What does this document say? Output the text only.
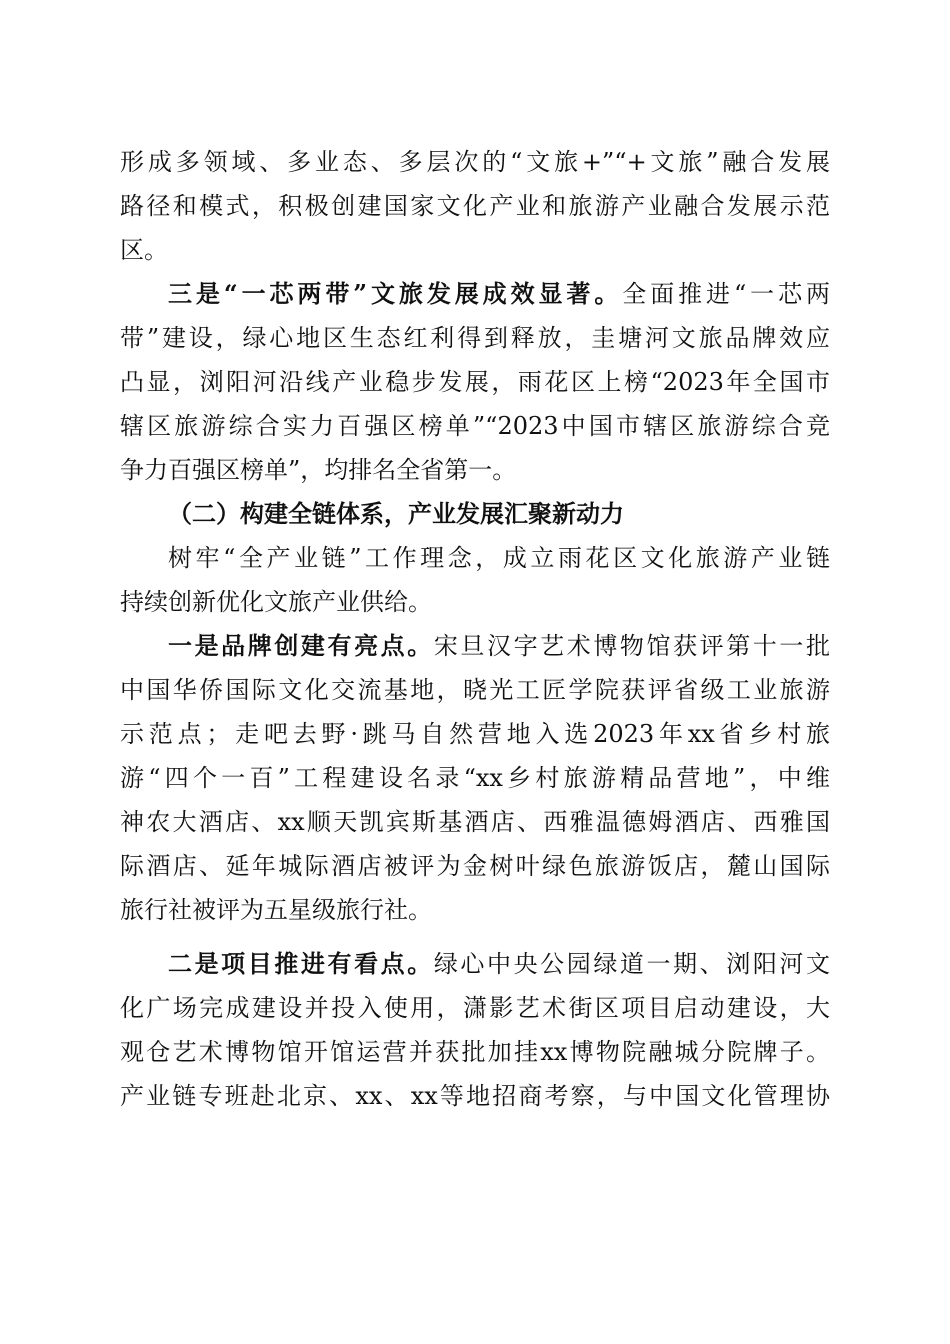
形成多领域、多业态、多层次的“文旅+”“+文旅”融合发展
路径和模式，积极创建国家文化产业和旅游产业融合发展示范
区。
三是“一芯两带”文旅发展成效显著。全面推进“一芯两
带”建设，绿心地区生态红利得到释放，圭塘河文旅品牌效应
凸显，浏阳河沿线产业稳步发展，雨花区上榜“2023年全国市
辖区旅游综合实力百强区榜单”“2023中国市辖区旅游综合竞
争力百强区榜单”，均排名全省第一。
（二）构建全链体系，产业发展汇聚新动力
树牢“全产业链”工作理念，成立雨花区文化旅游产业链
持续创新优化文旅产业供给。
一是品牌创建有亮点。宋旦汉字艺术博物馆获评第十一批
中国华侨国际文化交流基地，晓光工匠学院获评省级工业旅游
示范点；走吧去野·跳马自然营地入选2023年xx省乡村旅
游“四个一百”工程建设名录“xx乡村旅游精品营地”，中维
神农大酒店、xx顺天凯宾斯基酒店、西雅温德姆酒店、西雅国
际酒店、延年城际酒店被评为金树叶绿色旅游饭店，麓山国际
旅行社被评为五星级旅行社。
二是项目推进有看点。绿心中央公园绿道一期、浏阳河文
化广场完成建设并投入使用，潇影艺术街区项目启动建设，大
观仓艺术博物馆开馆运营并获批加挂xx博物院融城分院牌子。
产业链专班赴北京、xx、xx等地招商考察，与中国文化管理协
